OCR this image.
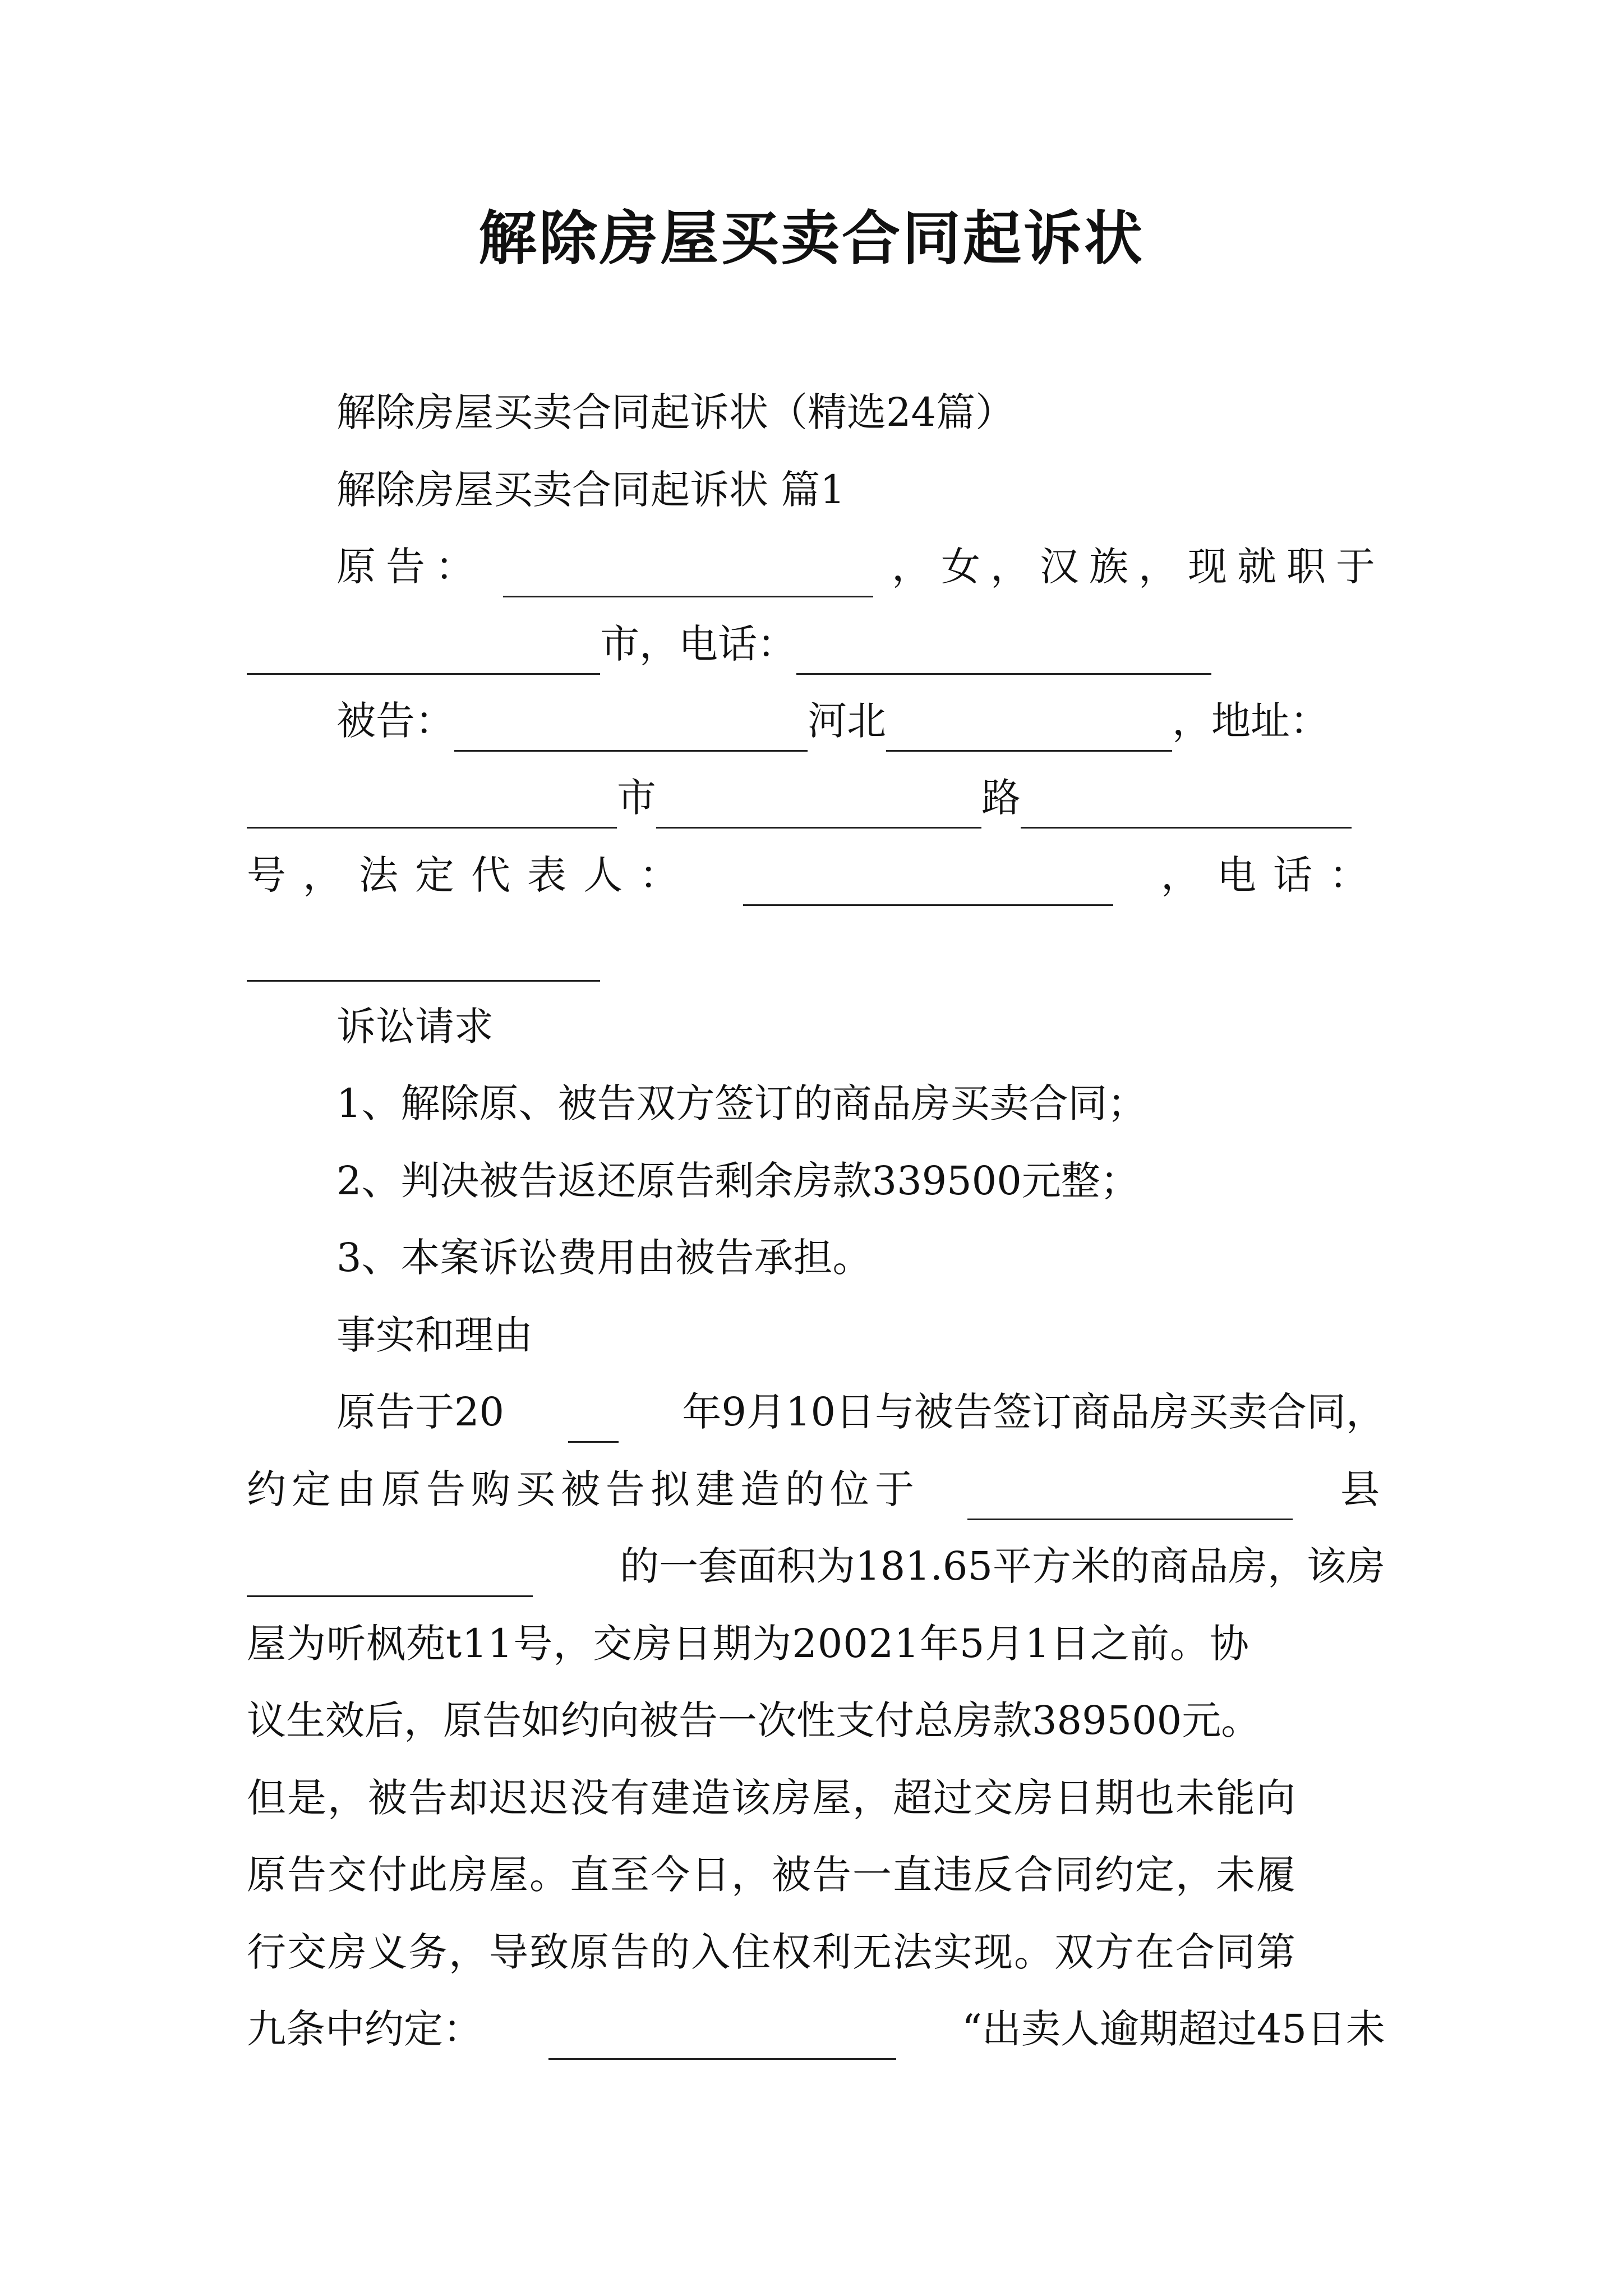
解除房屋买卖合同起诉状
解除房屋买卖合同起诉状（精选24篇）
解除房屋买卖合同起诉状 篇1
原告：	，女，汉族，现就职于
市，电话：
被告：	河北	，地址：
市	路
号，法定代表人：	，电话：
诉讼请求
1、解除原、被告双方签订的商品房买卖合同；
2、判决被告返还原告剩余房款339500元整；
3、本案诉讼费用由被告承担。
事实和理由
原告于20	年9月10日与被告签订商品房买卖合同，
约定由原告购买被告拟建造的位于	县
的一套面积为181.65平方米的商品房，该房
屋为听枫苑t11号，交房日期为20021年5月1日之前。协
议生效后，原告如约向被告一次性支付总房款389500元。
但是，被告却迟迟没有建造该房屋，超过交房日期也未能向
原告交付此房屋。直至今日，被告一直违反合同约定，未履
行交房义务，导致原告的入住权利无法实现。双方在合同第
九条中约定：	“出卖人逾期超过45日未
